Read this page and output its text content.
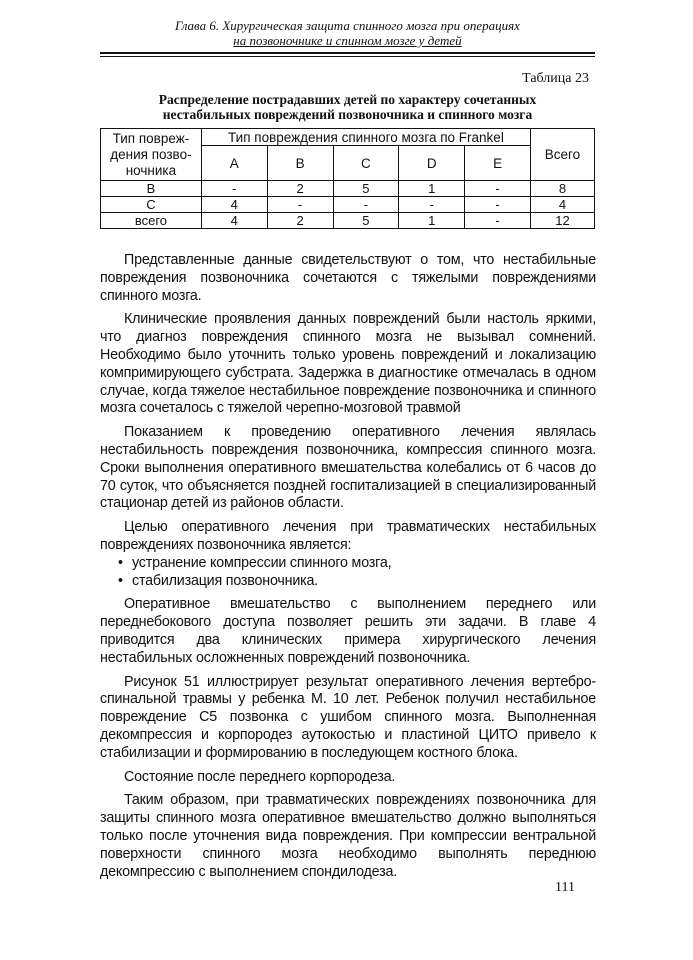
Глава 6. Хирургическая защита спинного мозга при операциях
на позвоночнике и спинном мозге у детей
Таблица 23
Распределение пострадавших детей по характеру сочетанных
нестабильных повреждений позвоночника и спинного мозга
Тип повреж-дения позво-ночника	Тип повреждения спинного мозга по Frankel					Всего
	A	B	C	D	E	
B	-	2	5	1	-	8
C	4	-	-	-	-	4
всего	4	2	5	1	-	12

Представленные данные свидетельствуют о том, что нестабильные повреждения позвоночника сочетаются с тяжелыми повреждениями спинного мозга.

Клинические проявления данных повреждений были настоль яркими, что диагноз повреждения спинного мозга не вызывал сомнений. Необходимо было уточнить только уровень повреждений и локализацию компримирующего субстрата. Задержка в диагностике отмечалась в одном случае, когда тяжелое нестабильное повреждение позвоночника и спинного мозга сочеталось с тяжелой черепно-мозговой травмой

Показанием к проведению оперативного лечения являлась нестабильность повреждения позвоночника, компрессия спинного мозга. Сроки выполнения оперативного вмешательства колебались от 6 часов до 70 суток, что объясняется поздней госпитализацией в специализированный стационар детей из районов области.

Целью оперативного лечения при травматических нестабильных повреждениях позвоночника является:

• устранение компрессии спинного мозга,
• стабилизация позвоночника.

Оперативное вмешательство с выполнением переднего или переднебокового доступа позволяет решить эти задачи. В главе 4 приводится два клинических примера хирургического лечения нестабильных осложненных повреждений позвоночника.

Рисунок 51 иллюстрирует результат оперативного лечения вертебро-спинальной травмы у ребенка М. 10 лет. Ребенок получил нестабильное повреждение С5 позвонка с ушибом спинного мозга. Выполненная декомпрессия и корпородез аутокостью и пластиной ЦИТО привело к стабилизации и формированию в последующем костного блока.

Состояние после переднего корпородеза.

Таким образом, при травматических повреждениях позвоночника для защиты спинного мозга оперативное вмешательство должно выполняться только после уточнения вида повреждения. При компрессии вентральной поверхности спинного мозга необходимо выполнять переднюю декомпрессию с выполнением спондилодеза.

111
